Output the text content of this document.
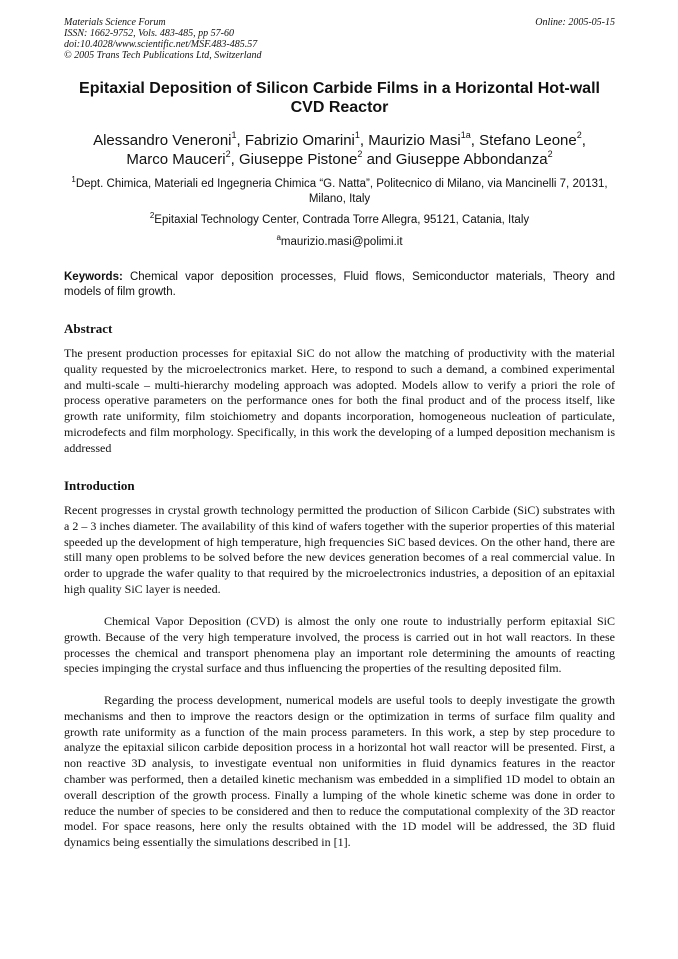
Materials Science Forum
ISSN: 1662-9752, Vols. 483-485, pp 57-60
doi:10.4028/www.scientific.net/MSF.483-485.57
© 2005 Trans Tech Publications Ltd, Switzerland
Online: 2005-05-15
Epitaxial Deposition of Silicon Carbide Films in a Horizontal Hot-wall CVD Reactor

Alessandro Veneroni$^1$, Fabrizio Omarini$^1$, Maurizio Masi$^{1a}$, Stefano Leone$^2$,
Marco Mauceri$^2$, Giuseppe Pistone$^2$ and Giuseppe Abbondanza$^2$

$^1$Dept. Chimica, Materiali ed Ingegneria Chimica “G. Natta”, Politecnico di Milano, via Mancinelli 7, 20131, Milano, Italy

$^2$Epitaxial Technology Center, Contrada Torre Allegra, 95121, Catania, Italy

$^a$maurizio.masi@polimi.it

Keywords: Chemical vapor deposition processes, Fluid flows, Semiconductor materials, Theory and models of film growth.

Abstract

The present production processes for epitaxial SiC do not allow the matching of productivity with the material quality requested by the microelectronics market. Here, to respond to such a demand, a combined experimental and multi-scale – multi-hierarchy modeling approach was adopted. Models allow to verify a priori the role of process operative parameters on the performance ones for both the final product and of the process itself, like growth rate uniformity, film stoichiometry and dopants incorporation, homogeneous nucleation of particulate, microdefects and film morphology. Specifically, in this work the developing of a lumped deposition mechanism is addressed

Introduction

Recent progresses in crystal growth technology permitted the production of Silicon Carbide (SiC) substrates with a 2 – 3 inches diameter. The availability of this kind of wafers together with the superior properties of this material speeded up the development of high temperature, high frequencies SiC based devices. On the other hand, there are still many open problems to be solved before the new devices generation becomes of a real commercial value. In order to upgrade the wafer quality to that required by the microelectronics industries, a deposition of an epitaxial high quality SiC layer is needed.

Chemical Vapor Deposition (CVD) is almost the only one route to industrially perform epitaxial SiC growth. Because of the very high temperature involved, the process is carried out in hot wall reactors. In these processes the chemical and transport phenomena play an important role determining the amounts of reacting species impinging the crystal surface and thus influencing the properties of the resulting deposited film.

Regarding the process development, numerical models are useful tools to deeply investigate the growth mechanisms and then to improve the reactors design or the optimization in terms of surface film quality and growth rate uniformity as a function of the main process parameters. In this work, a step by step procedure to analyze the epitaxial silicon carbide deposition process in a horizontal hot wall reactor will be presented. First, a non reactive 3D analysis, to investigate eventual non uniformities in fluid dynamics features in the reactor chamber was performed, then a detailed kinetic mechanism was embedded in a simplified 1D model to obtain an overall description of the growth process. Finally a lumping of the whole kinetic scheme was done in order to reduce the number of species to be considered and then to reduce the computational complexity of the 3D reactor model. For space reasons, here only the results obtained with the 1D model will be addressed, the 3D fluid dynamics being essentially the simulations described in [1].
